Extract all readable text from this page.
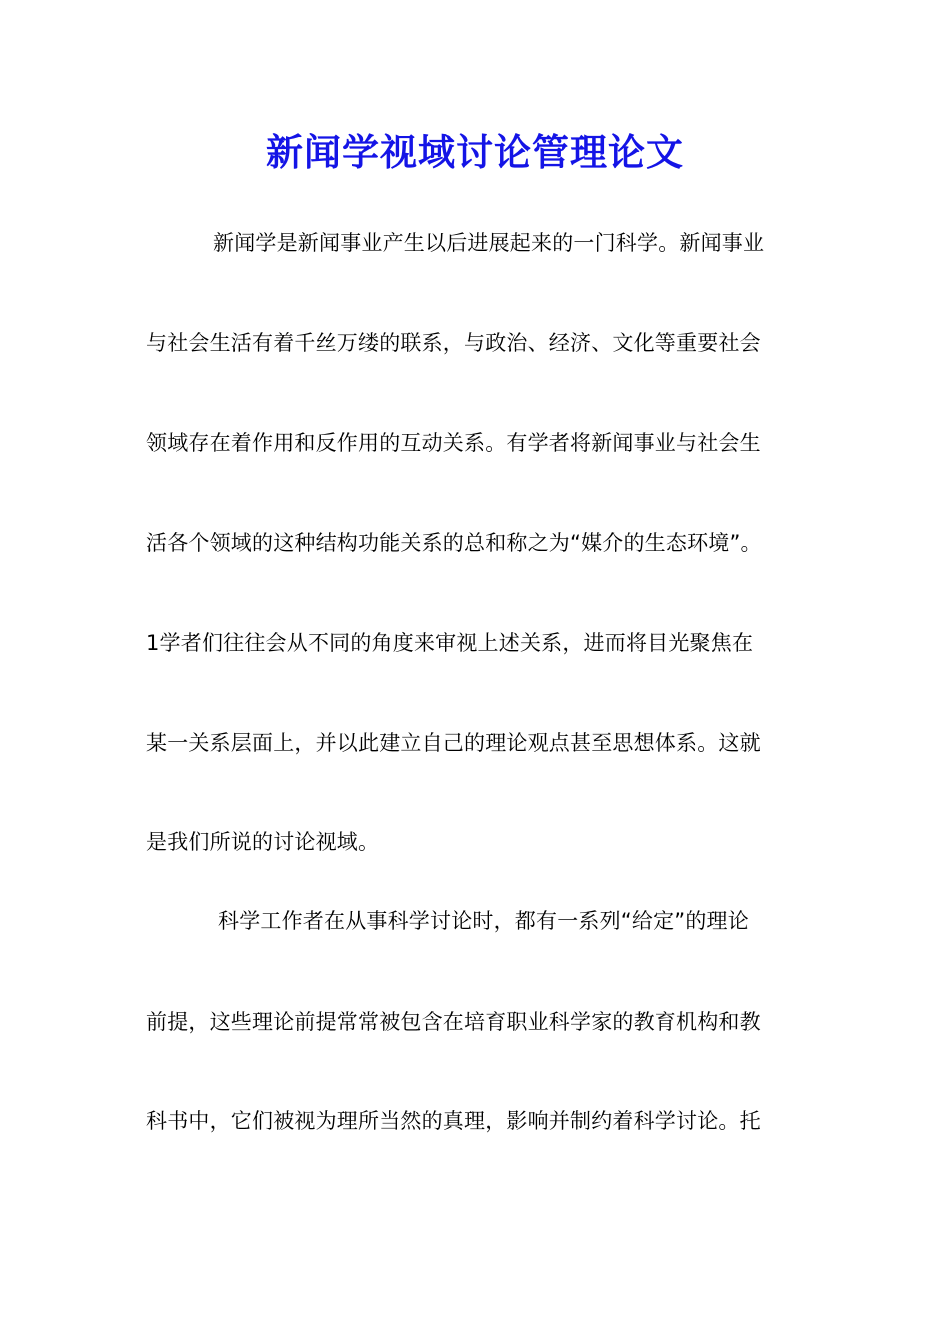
新闻学视域讨论管理论文
新闻学是新闻事业产生以后进展起来的一门科学。新闻事业
与社会生活有着千丝万缕的联系，与政治、经济、文化等重要社会
领域存在着作用和反作用的互动关系。有学者将新闻事业与社会生
活各个领域的这种结构功能关系的总和称之为“媒介的生态环境”。
1学者们往往会从不同的角度来审视上述关系，进而将目光聚焦在
某一关系层面上，并以此建立自己的理论观点甚至思想体系。这就
是我们所说的讨论视域。
科学工作者在从事科学讨论时，都有一系列“给定”的理论
前提，这些理论前提常常被包含在培育职业科学家的教育机构和教
科书中，它们被视为理所当然的真理，影响并制约着科学讨论。托
